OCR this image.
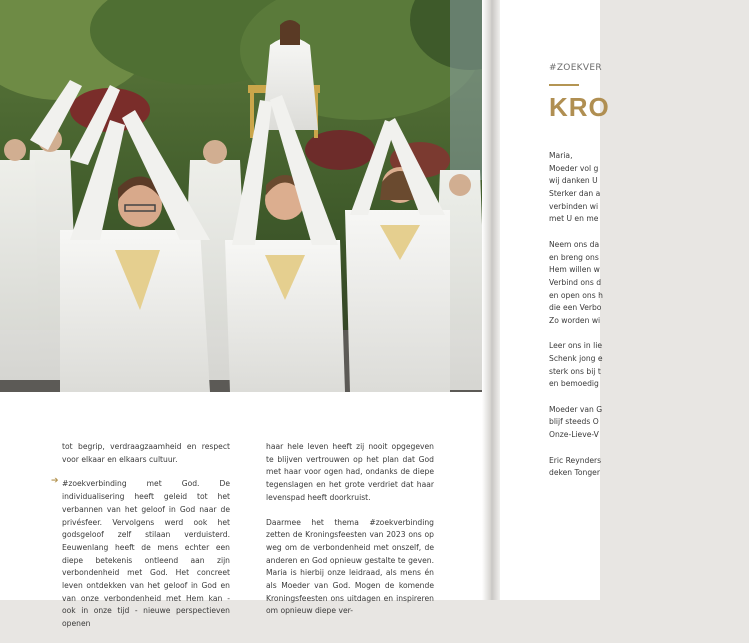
tot begrip, verdraagzaamheid en respect voor elkaar en elkaars cultuur.

#zoekverbinding met God. De individualisering heeft geleid tot het verbannen van het geloof in God naar de privésfeer. Vervolgens werd ook het godsgeloof zelf stilaan verduisterd. Eeuwenlang heeft de mens echter een diepe betekenis ontleend aan zijn verbondenheid met God. Het concreet leven ontdekken van het geloof in God en van onze verbondenheid met Hem kan - ook in onze tijd - nieuwe perspectieven openen

➔

haar hele leven heeft zij nooit opgegeven te blijven vertrouwen op het plan dat God met haar voor ogen had, ondanks de diepe tegenslagen en het grote verdriet dat haar levenspad heeft doorkruist.

Daarmee het thema #zoekverbinding zetten de Kroningsfeesten van 2023 ons op weg om de verbondenheid met onszelf, de anderen en God opnieuw gestalte te geven. Maria is hierbij onze leidraad, als mens én als Moeder van God. Mogen de komende Kroningsfeesten ons uitdagen en inspireren om opnieuw diepe ver-

#ZOEKVER
KRO
Maria,
Moeder vol g
wij danken U
Sterker dan a
verbinden wi
met U en me
Neem ons da
en breng ons
Hem willen w
Verbind ons d
en open ons h
die een Verbo
Zo worden wi
Leer ons in lie
Schenk jong e
sterk ons bij t
en bemoedig
Moeder van G
blijf steeds O
Onze-Lieve-V
Eric Reynders
deken Tonger
